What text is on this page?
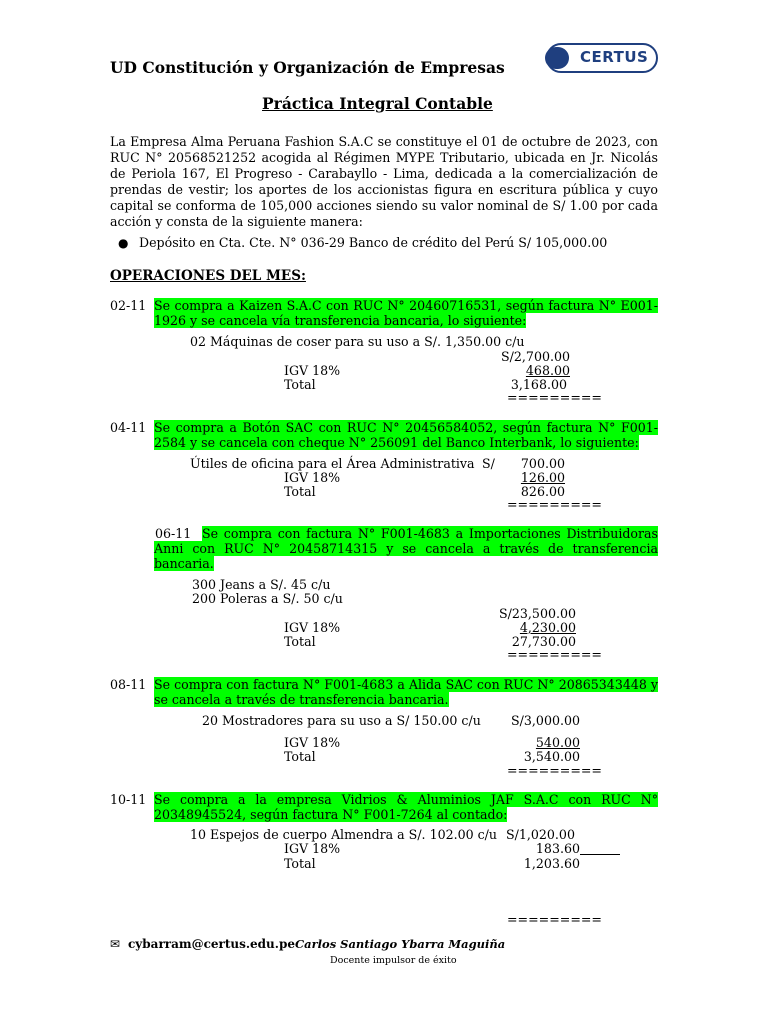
UD Constitución y Organización de Empresas
CERTUS
Práctica Integral Contable
La Empresa Alma Peruana Fashion S.A.C se constituye el 01 de octubre de 2023, con RUC N° 20568521252 acogida al Régimen MYPE Tributario, ubicada en Jr. Nicolás de Periola 167, El Progreso - Carabayllo - Lima, dedicada a la comercialización de prendas de vestir; los aportes de los accionistas figura en escritura pública y cuyo capital se conforma de 105,000 acciones siendo su valor nominal de S/ 1.00 por cada acción y consta de la siguiente manera:
● Depósito en Cta. Cte. N° 036-29 Banco de crédito del Perú S/ 105,000.00
OPERACIONES DEL MES:
02-11 Se compra a Kaizen S.A.C con RUC N° 20460716531, según factura N° E001-1926 y se cancela vía transferencia bancaria, lo siguiente:
02 Máquinas de coser para su uso a S/. 1,350.00 c/u
S/2,700.00
IGV 18%	468.00
Total	3,168.00
=========
04-11 Se compra a Botón SAC con RUC N° 20456584052, según factura N° F001-2584 y se cancela con cheque N° 256091 del Banco Interbank, lo siguiente:
Útiles de oficina para el Área Administrativa S/	700.00
IGV 18%	126.00
Total	826.00
=========
06-11 Se compra con factura N° F001-4683 a Importaciones Distribuidoras Anni con RUC N° 20458714315 y se cancela a través de transferencia bancaria.
300 Jeans a S/. 45 c/u
200 Poleras a S/. 50 c/u
S/23,500.00
IGV 18%	4,230.00
Total	27,730.00
=========
08-11 Se compra con factura N° F001-4683 a Alida SAC con RUC N° 20865343448 y se cancela a través de transferencia bancaria.
20 Mostradores para su uso a S/ 150.00 c/u	S/3,000.00
IGV 18%	540.00
Total	3,540.00
=========
10-11 Se compra a la empresa Vidrios & Aluminios JAF S.A.C con RUC N° 20348945524, según factura N° F001-7264 al contado:
10 Espejos de cuerpo Almendra a S/. 102.00 c/u S/1,020.00
IGV 18%	183.60
Total	1,203.60
=========
✉ cybarram@certus.edu.pe Carlos Santiago Ybarra Maguiña
Docente impulsor de éxito
